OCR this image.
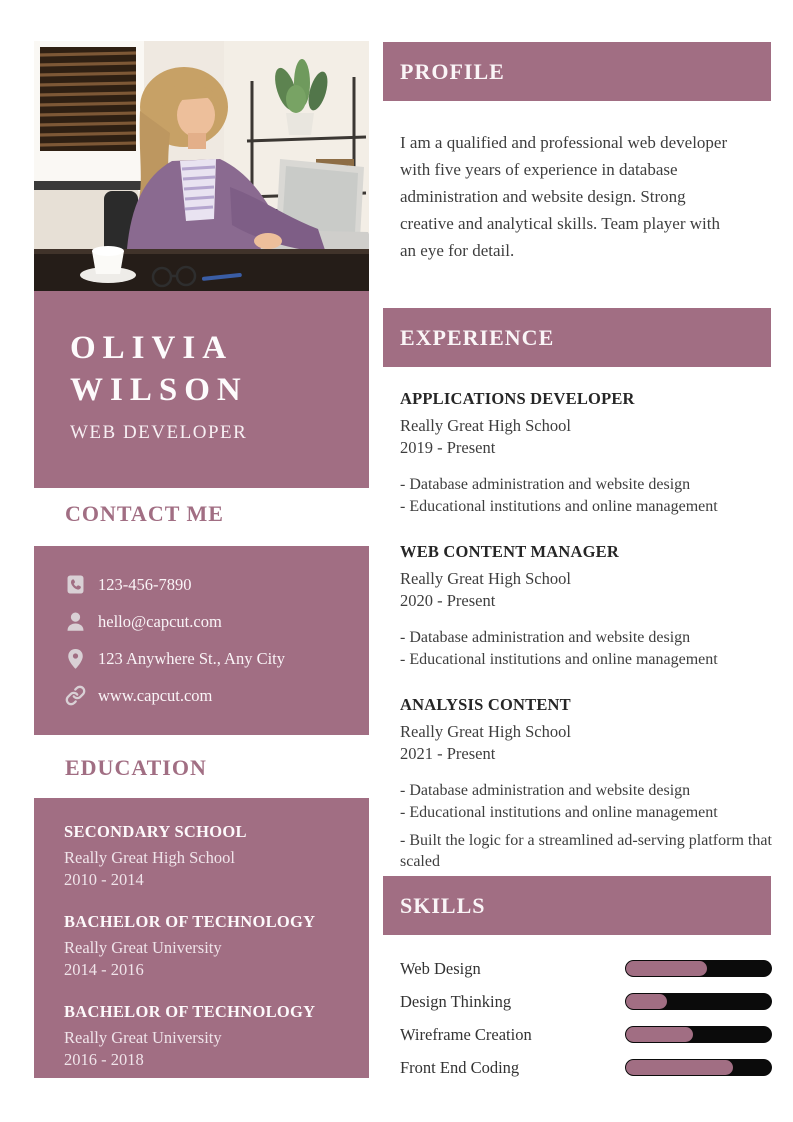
OLIVIA
WILSON
WEB DEVELOPER
CONTACT ME
123-456-7890
hello@capcut.com
123 Anywhere St., Any City
www.capcut.com
EDUCATION
SECONDARY SCHOOL
Really Great High School
2010 - 2014
BACHELOR OF TECHNOLOGY
Really Great University
2014 - 2016
BACHELOR OF TECHNOLOGY
Really Great University
2016 - 2018
PROFILE
I am a qualified and professional web developer with five years of experience in database administration and website design. Strong creative and analytical skills. Team player with an eye for detail.
EXPERIENCE
APPLICATIONS DEVELOPER
Really Great High School
2019 - Present
- Database administration and website design
- Educational institutions and online management
WEB CONTENT MANAGER
Really Great High School
2020 - Present
- Database administration and website design
- Educational institutions and online management
ANALYSIS CONTENT
Really Great High School
2021 - Present
- Database administration and website design
- Educational institutions and online management
- Built the logic for a streamlined ad-serving platform that scaled
SKILLS
Web Design
Design Thinking
Wireframe Creation
Front End Coding
